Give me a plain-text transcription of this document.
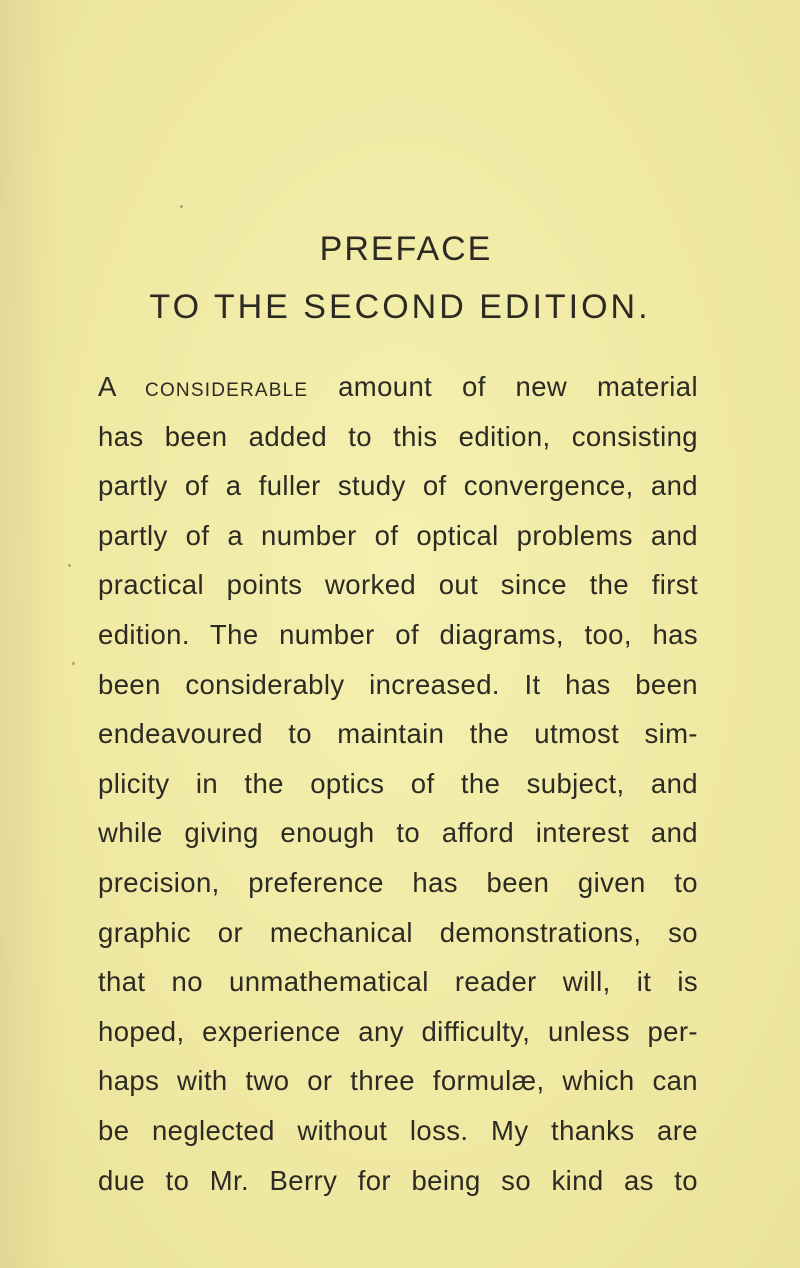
PREFACE
TO THE SECOND EDITION.
A considerable amount of new material
has been added to this edition, consisting
partly of a fuller study of convergence, and
partly of a number of optical problems and
practical points worked out since the first
edition. The number of diagrams, too, has
been considerably increased. It has been
endeavoured to maintain the utmost sim-
plicity in the optics of the subject, and
while giving enough to afford interest and
precision, preference has been given to
graphic or mechanical demonstrations, so
that no unmathematical reader will, it is
hoped, experience any difficulty, unless per-
haps with two or three formulæ, which can
be neglected without loss. My thanks are
due to Mr. Berry for being so kind as to
